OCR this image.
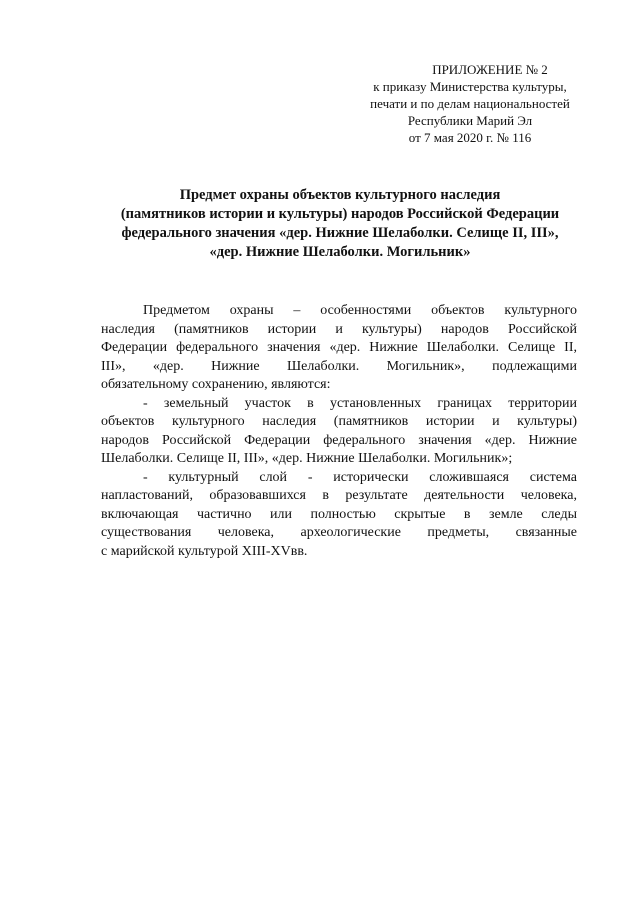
ПРИЛОЖЕНИЕ № 2
к приказу Министерства культуры,
печати и по делам национальностей
Республики Марий Эл
от 7 мая 2020 г. № 116
Предмет охраны объектов культурного наследия
(памятников истории и культуры) народов Российской Федерации
федерального значения «дер. Нижние Шелаболки. Селище II, III»,
«дер. Нижние Шелаболки. Могильник»
Предметом охраны – особенностями объектов культурного
наследия (памятников истории и культуры) народов Российской
Федерации федерального значения «дер. Нижние Шелаболки. Селище II,
III», «дер. Нижние Шелаболки. Могильник», подлежащими
обязательному сохранению, являются:
- земельный участок в установленных границах территории
объектов культурного наследия (памятников истории и культуры)
народов Российской Федерации федерального значения «дер. Нижние
Шелаболки. Селище II, III», «дер. Нижние Шелаболки. Могильник»;
- культурный слой - исторически сложившаяся система
напластований, образовавшихся в результате деятельности человека,
включающая частично или полностью скрытые в земле следы
существования человека, археологические предметы, связанные
с марийской культурой XIII-XVвв.
